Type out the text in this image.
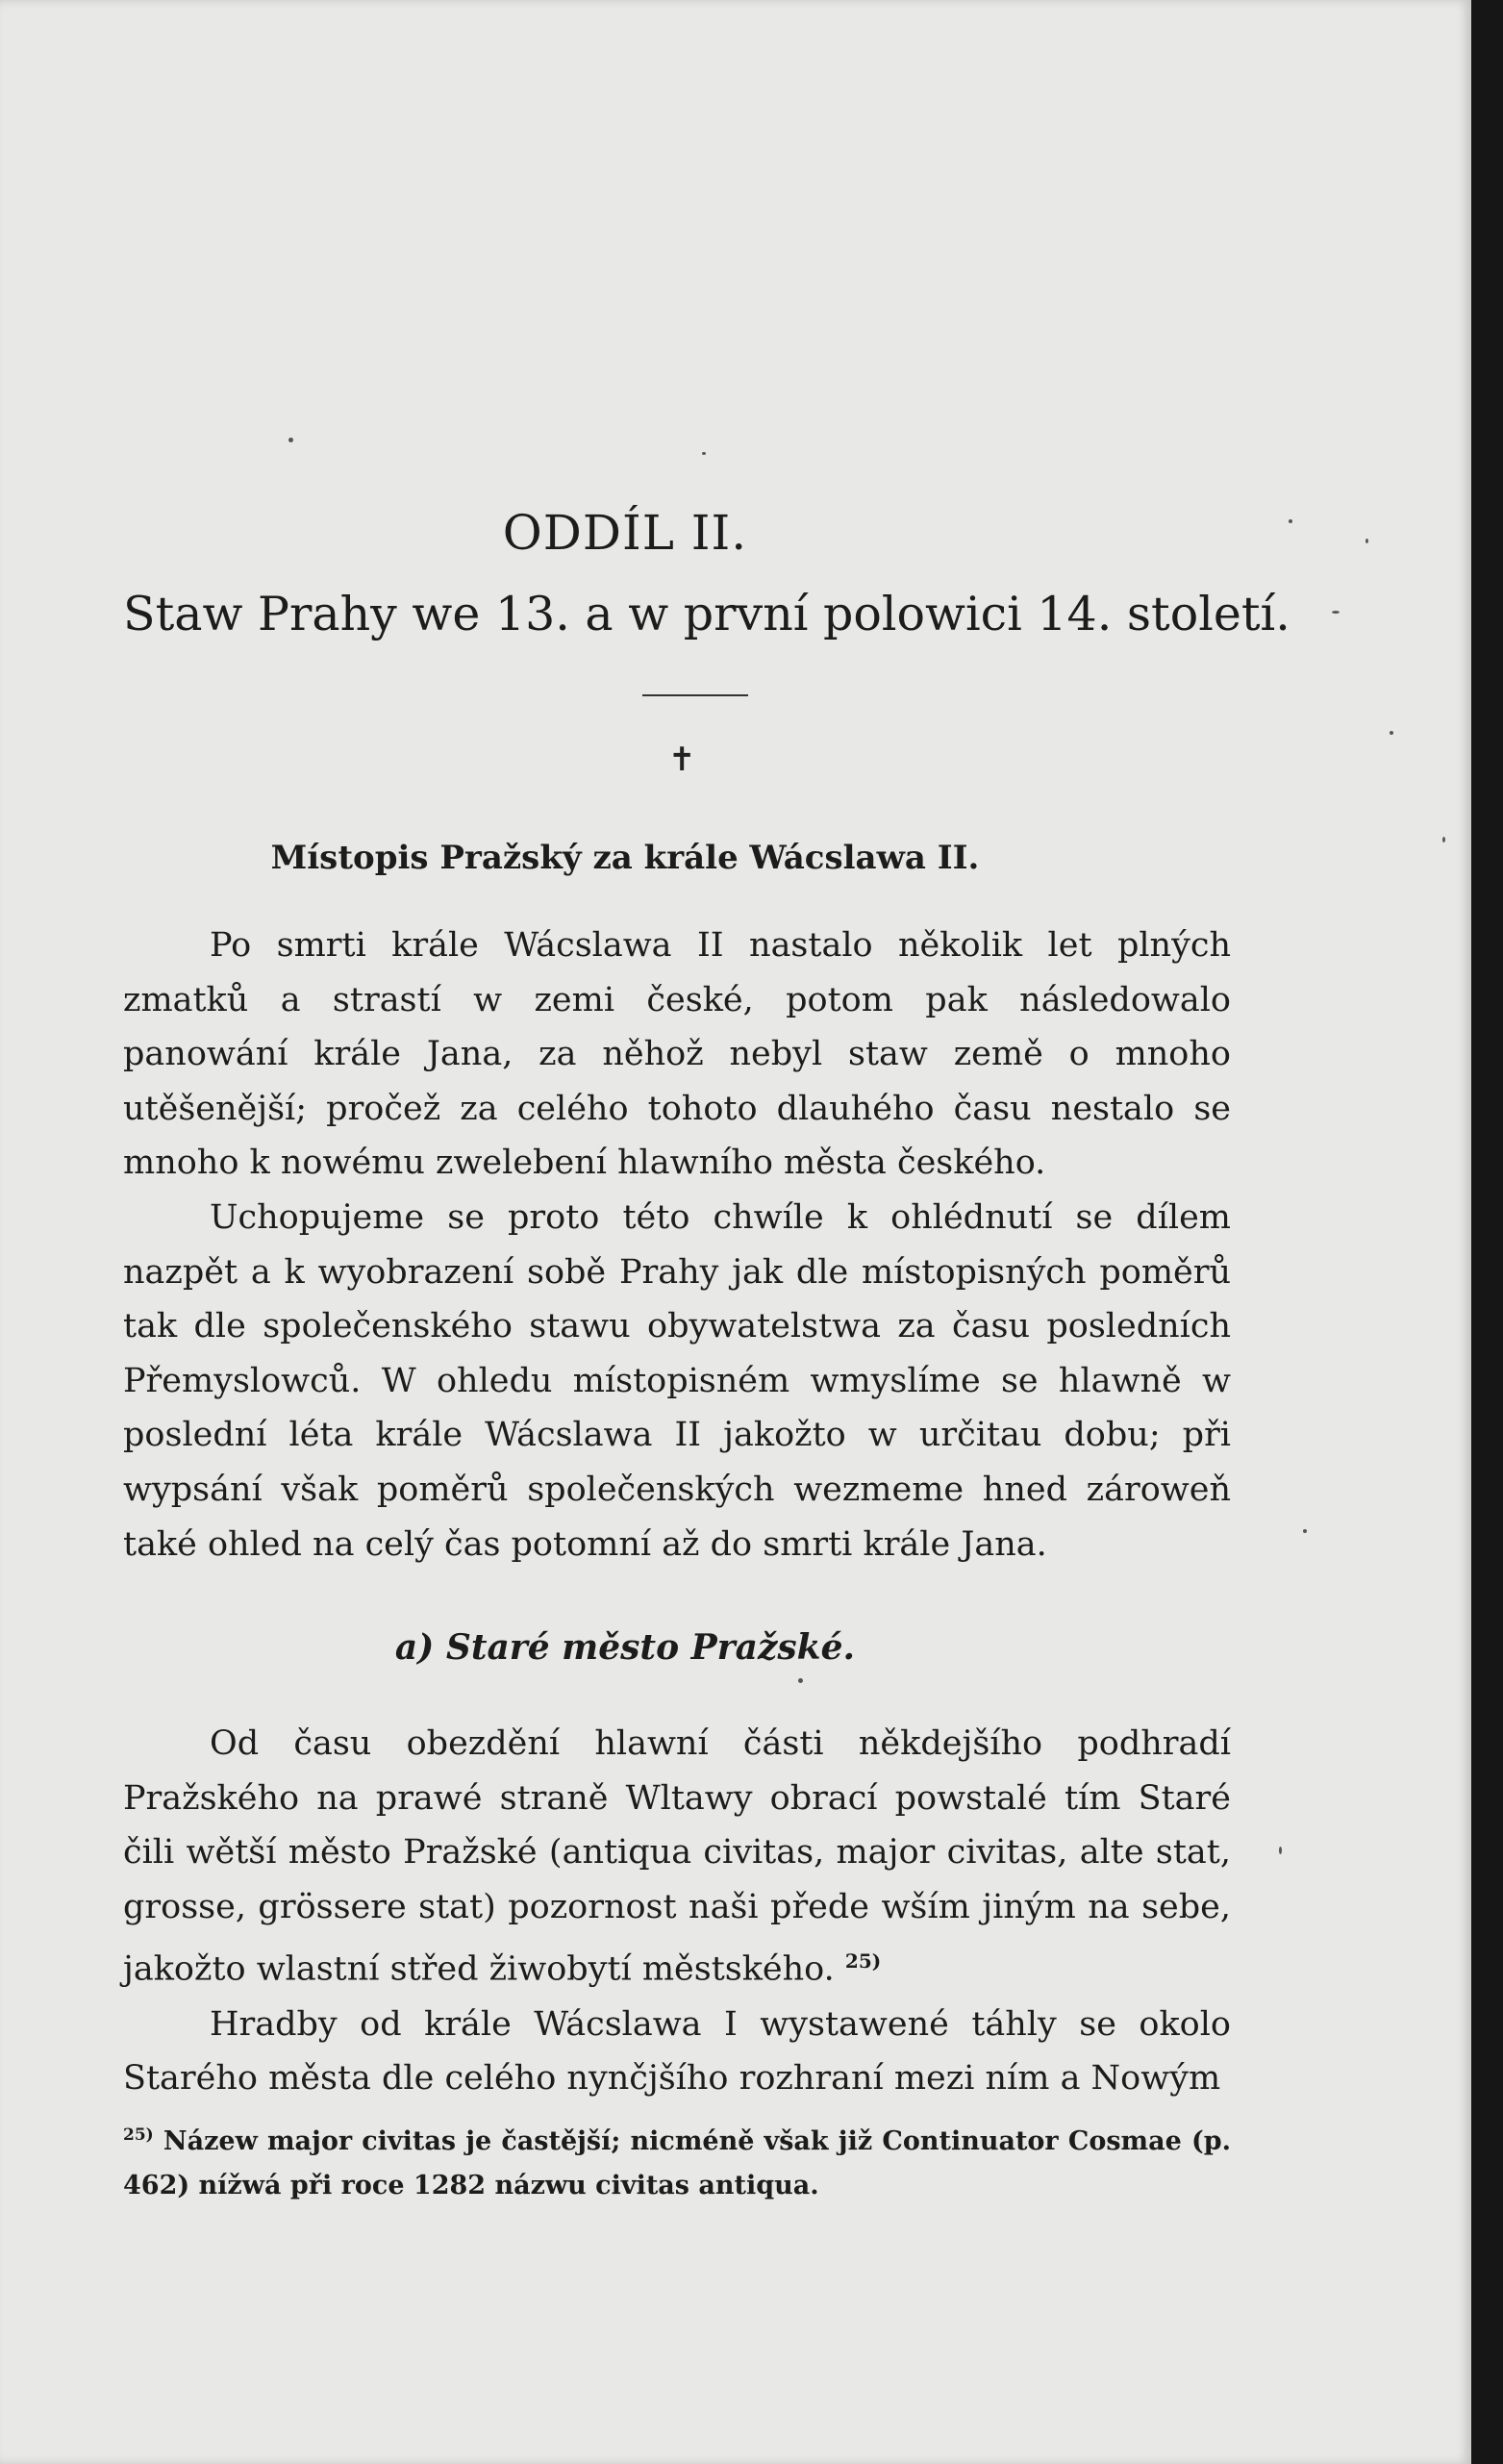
ODDÍL II.
Staw Prahy we 13. a w první polowici 14. století.
✝
Místopis Pražský za krále Wácslawa II.

Po smrti krále Wácslawa II nastalo několik let plných zmatků a strastí w zemi české, potom pak následowalo panowání krále Jana, za něhož nebyl staw země o mnoho utěšenější; pročež za celého tohoto dlauhého času nestalo se mnoho k nowému zwelebení hlawního města českého.

Uchopujeme se proto této chwíle k ohlédnutí se dílem nazpět a k wyobrazení sobě Prahy jak dle místopisných poměrů tak dle společenského stawu obywatelstwa za času posledních Přemyslowců. W ohledu místopisném wmyslíme se hlawně w poslední léta krále Wácslawa II jakožto w určitau dobu; při wypsání však poměrů společenských wezmeme hned zároweň také ohled na celý čas potomní až do smrti krále Jana.

a) Staré město Pražské.

Od času obezdění hlawní části někdejšího podhradí Pražského na prawé straně Wltawy obrací powstalé tím Staré čili wětší město Pražské (antiqua civitas, major civitas, alte stat, grosse, grössere stat) pozornost naši přede wším jiným na sebe, jakožto wlastní střed žiwobytí městského. $^{25)}$

Hradby od krále Wácslawa I wystawené táhly se okolo Starého města dle celého nynčjšího rozhraní mezi ním a Nowým

$^{25)}$ Názew major civitas je častější; nicméně však již Continuator Cosmae (p. 462) nížwá při roce 1282 názwu civitas antiqua.
